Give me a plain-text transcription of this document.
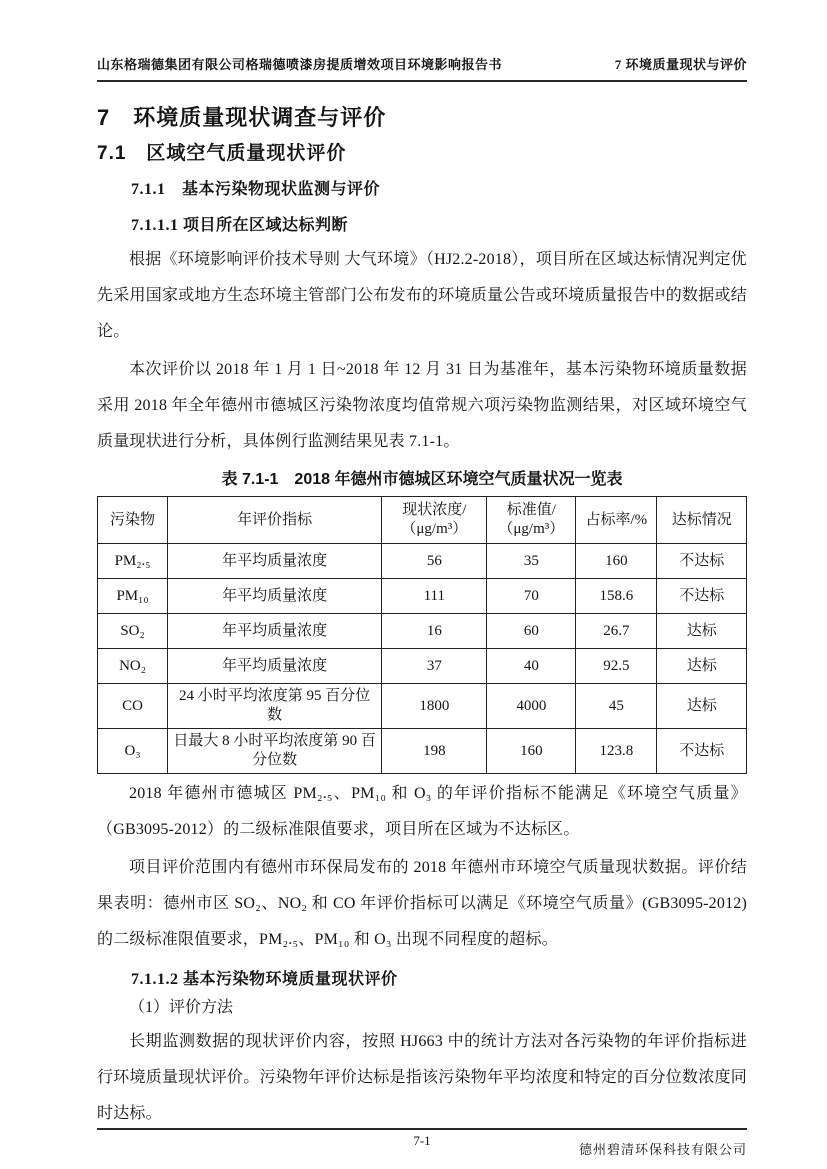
山东格瑞德集团有限公司格瑞德喷漆房提质增效项目环境影响报告书	7 环境质量现状与评价
7　环境质量现状调查与评价
7.1　区域空气质量现状评价
7.1.1　基本污染物现状监测与评价
7.1.1.1 项目所在区域达标判断

根据《环境影响评价技术导则 大气环境》（HJ2.2-2018），项目所在区域达标情况判定优先采用国家或地方生态环境主管部门公布发布的环境质量公告或环境质量报告中的数据或结论。

本次评价以 2018 年 1 月 1 日~2018 年 12 月 31 日为基准年，基本污染物环境质量数据采用 2018 年全年德州市德城区污染物浓度均值常规六项污染物监测结果，对区域环境空气质量现状进行分析，具体例行监测结果见表 7.1-1。

表 7.1-1　2018 年德州市德城区环境空气质量状况一览表
污染物	年评价指标	现状浓度/（μg/m³）	标准值/（μg/m³）	占标率/%	达标情况
PM₂.₅	年平均质量浓度	56	35	160	不达标
PM₁₀	年平均质量浓度	111	70	158.6	不达标
SO₂	年平均质量浓度	16	60	26.7	达标
NO₂	年平均质量浓度	37	40	92.5	达标
CO	24 小时平均浓度第 95 百分位数	1800	4000	45	达标
O₃	日最大 8 小时平均浓度第 90 百分位数	198	160	123.8	不达标

2018 年德州市德城区 PM₂.₅、PM₁₀ 和 O₃ 的年评价指标不能满足《环境空气质量》（GB3095-2012）的二级标准限值要求，项目所在区域为不达标区。

项目评价范围内有德州市环保局发布的 2018 年德州市环境空气质量现状数据。评价结果表明：德州市区 SO₂、NO₂ 和 CO 年评价指标可以满足《环境空气质量》(GB3095-2012)的二级标准限值要求，PM₂.₅、PM₁₀ 和 O₃ 出现不同程度的超标。

7.1.1.2 基本污染物环境质量现状评价
（1）评价方法

长期监测数据的现状评价内容，按照 HJ663 中的统计方法对各污染物的年评价指标进行环境质量现状评价。污染物年评价达标是指该污染物年平均浓度和特定的百分位数浓度同时达标。

7-1
德州碧清环保科技有限公司
